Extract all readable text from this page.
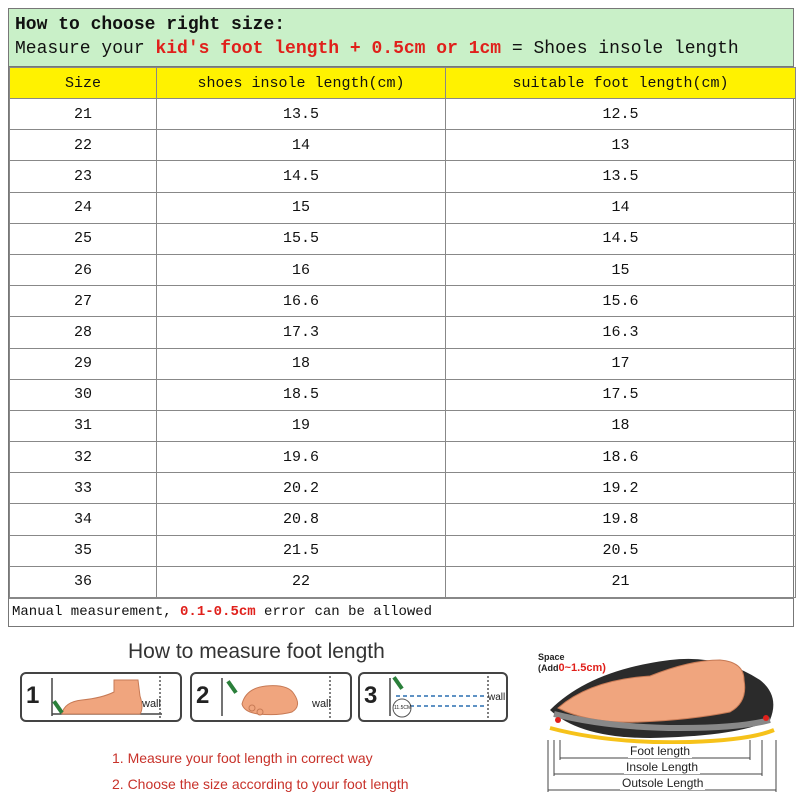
How to choose right size:
Measure your kid's foot length + 0.5cm or 1cm = Shoes insole length
Size	shoes insole length(cm)	suitable foot length(cm)
21	13.5	12.5
22	14	13
23	14.5	13.5
24	15	14
25	15.5	14.5
26	16	15
27	16.6	15.6
28	17.3	16.3
29	18	17
30	18.5	17.5
31	19	18
32	19.6	18.6
33	20.2	19.2
34	20.8	19.8
35	21.5	20.5
36	22	21
Manual measurement, 0.1-0.5cm error can be allowed
How to measure foot length
1	wall 2	wall 3	11.5CM
wall
1. Measure your foot length in correct way
2. Choose the size according to your foot length
Space
(Add0~1.5cm)
Foot length
Insole Length
Outsole Length
